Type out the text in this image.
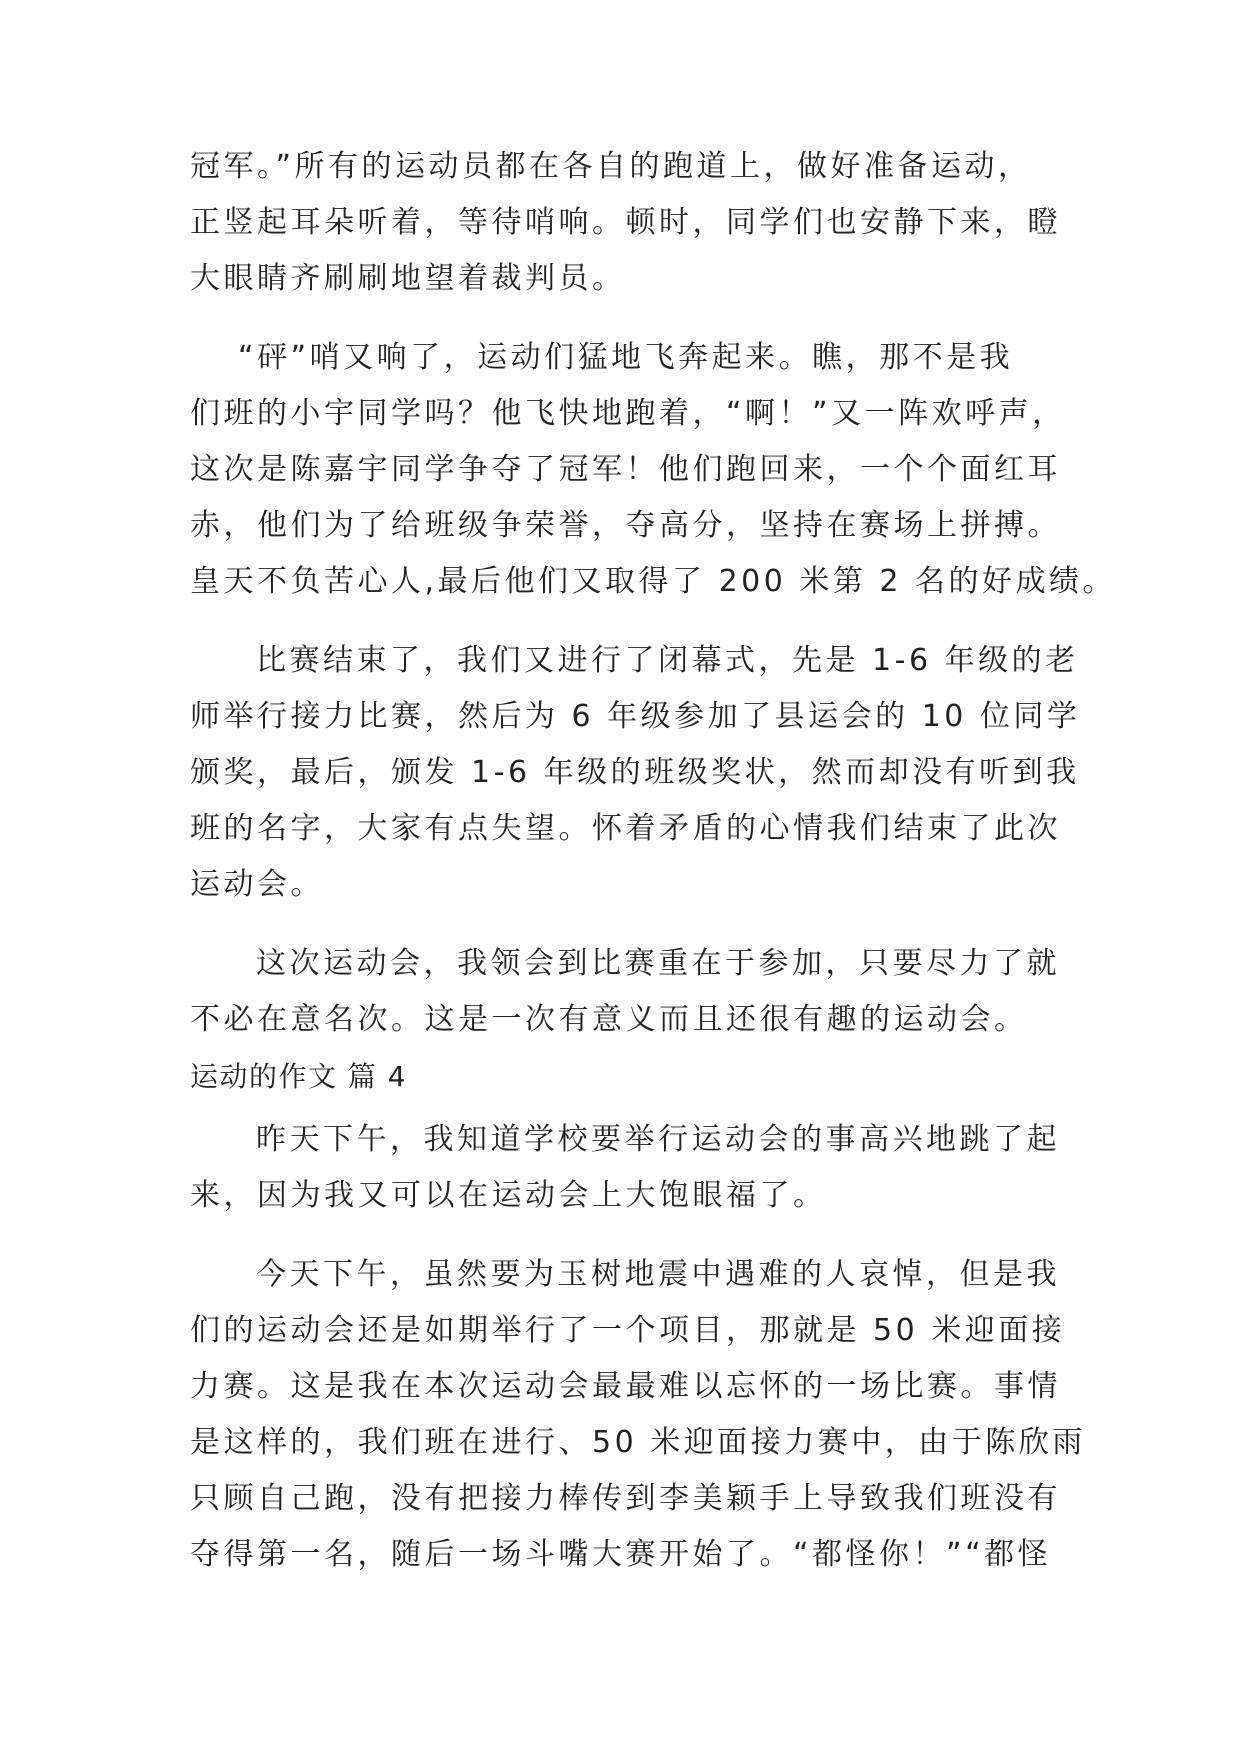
冠军。”所有的运动员都在各自的跑道上，做好准备运动，
正竖起耳朵听着，等待哨响。顿时，同学们也安静下来，瞪
大眼睛齐刷刷地望着裁判员。
“砰”哨又响了，运动们猛地飞奔起来。瞧，那不是我
们班的小宇同学吗？他飞快地跑着，“啊！”又一阵欢呼声，
这次是陈嘉宇同学争夺了冠军！他们跑回来，一个个面红耳
赤，他们为了给班级争荣誉，夺高分，坚持在赛场上拼搏。
皇天不负苦心人,最后他们又取得了 200 米第 2 名的好成绩。
比赛结束了，我们又进行了闭幕式，先是 1-6 年级的老
师举行接力比赛，然后为 6 年级参加了县运会的 10 位同学
颁奖，最后，颁发 1-6 年级的班级奖状，然而却没有听到我
班的名字，大家有点失望。怀着矛盾的心情我们结束了此次
运动会。
这次运动会，我领会到比赛重在于参加，只要尽力了就
不必在意名次。这是一次有意义而且还很有趣的运动会。
运动的作文 篇 4
昨天下午，我知道学校要举行运动会的事高兴地跳了起
来，因为我又可以在运动会上大饱眼福了。
今天下午，虽然要为玉树地震中遇难的人哀悼，但是我
们的运动会还是如期举行了一个项目，那就是 50 米迎面接
力赛。这是我在本次运动会最最难以忘怀的一场比赛。事情
是这样的，我们班在进行、50 米迎面接力赛中，由于陈欣雨
只顾自己跑，没有把接力棒传到李美颖手上导致我们班没有
夺得第一名，随后一场斗嘴大赛开始了。“都怪你！”“都怪
